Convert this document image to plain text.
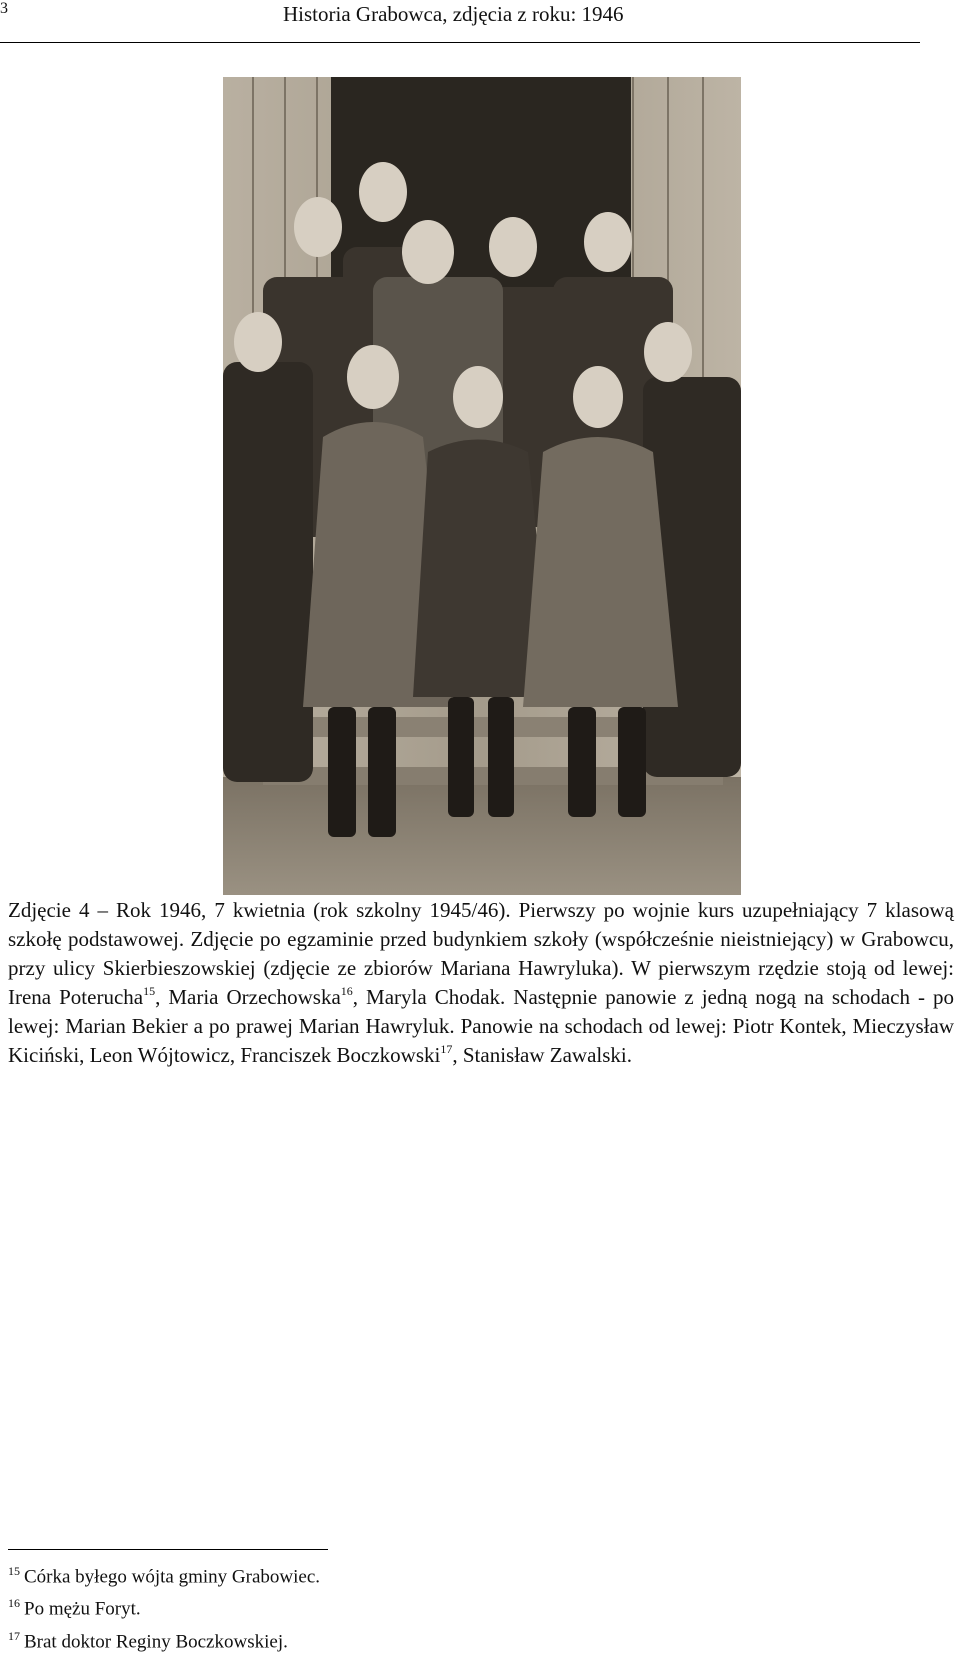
Historia Grabowca, zdjęcia z roku: 1946
3
Zdjęcie 4 – Rok 1946, 7 kwietnia (rok szkolny 1945/46). Pierwszy po wojnie kurs uzupełniający 7 klasową szkołę podstawowej. Zdjęcie po egzaminie przed budynkiem szkoły (współcześnie nieistniejący) w Grabowcu, przy ulicy Skierbieszowskiej (zdjęcie ze zbiorów Mariana Hawryluka). W pierwszym rzędzie stoją od lewej: Irena Poterucha$^{15}$, Maria Orzechowska$^{16}$, Maryla Chodak. Następnie panowie z jedną nogą na schodach - po lewej: Marian Bekier a po prawej Marian Hawryluk. Panowie na schodach od lewej: Piotr Kontek, Mieczysław Kiciński, Leon Wójtowicz, Franciszek Boczkowski$^{17}$, Stanisław Zawalski.
$^{15}$ Córka byłego wójta gminy Grabowiec.
$^{16}$ Po mężu Foryt.
$^{17}$ Brat doktor Reginy Boczkowskiej.
